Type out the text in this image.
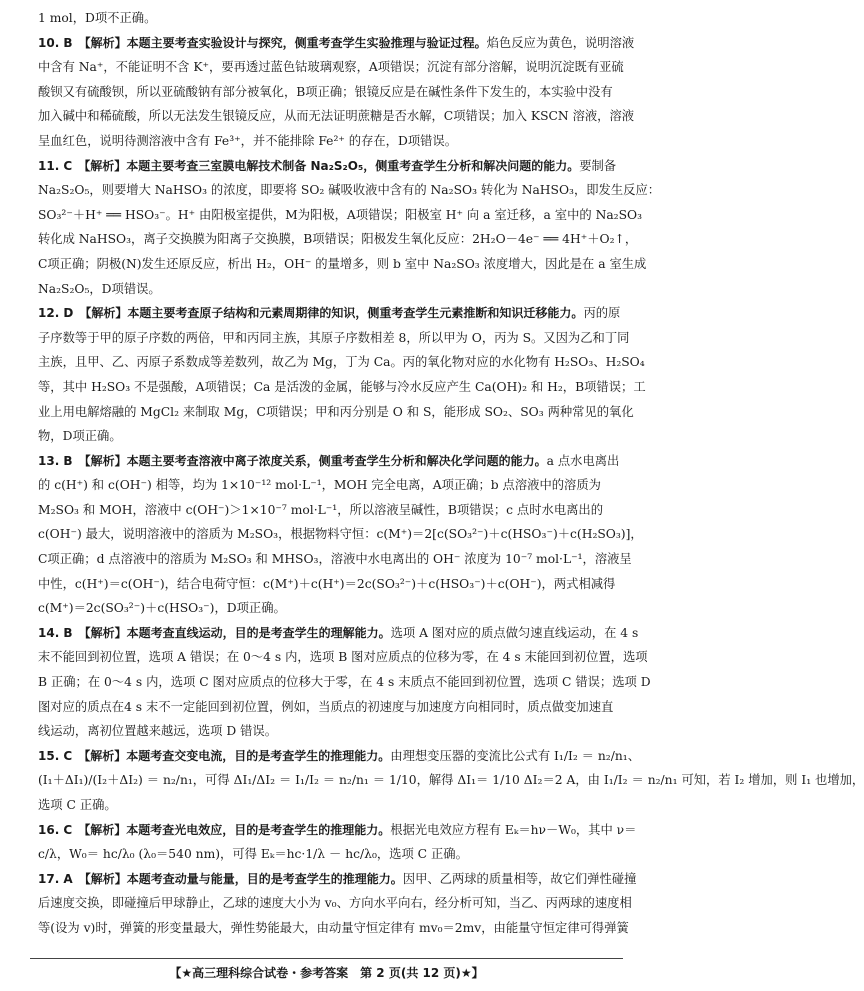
1 mol，D项不正确。
10. B 【解析】本题主要考查实验设计与探究，侧重考查学生实验推理与验证过程。焰色反应为黄色，说明溶液
中含有 Na⁺，不能证明不含 K⁺，要再透过蓝色钴玻璃观察，A项错误；沉淀有部分溶解，说明沉淀既有亚硫
酸钡又有硫酸钡，所以亚硫酸钠有部分被氧化，B项正确；银镜反应是在碱性条件下发生的，本实验中没有
加入碱中和稀硫酸，所以无法发生银镜反应，从而无法证明蔗糖是否水解，C项错误；加入 KSCN 溶液，溶液
呈血红色，说明待测溶液中含有 Fe³⁺，并不能排除 Fe²⁺ 的存在，D项错误。
11. C 【解析】本题主要考查三室膜电解技术制备 Na₂S₂O₅，侧重考查学生分析和解决问题的能力。要制备
Na₂S₂O₅，则要增大 NaHSO₃ 的浓度，即要将 SO₂ 碱吸收液中含有的 Na₂SO₃ 转化为 NaHSO₃，即发生反应：
SO₃²⁻＋H⁺ ══ HSO₃⁻。H⁺ 由阳极室提供，M为阳极，A项错误；阳极室 H⁺ 向 a 室迁移，a 室中的 Na₂SO₃
转化成 NaHSO₃，离子交换膜为阳离子交换膜，B项错误；阳极发生氧化反应：2H₂O－4e⁻ ══ 4H⁺＋O₂↑，
C项正确；阴极(N)发生还原反应，析出 H₂，OH⁻ 的量增多，则 b 室中 Na₂SO₃ 浓度增大，因此是在 a 室生成
Na₂S₂O₅，D项错误。
12. D 【解析】本题主要考查原子结构和元素周期律的知识，侧重考查学生元素推断和知识迁移能力。丙的原
子序数等于甲的原子序数的两倍，甲和丙同主族，其原子序数相差 8，所以甲为 O，丙为 S。又因为乙和丁同
主族，且甲、乙、丙原子系数成等差数列，故乙为 Mg，丁为 Ca。丙的氧化物对应的水化物有 H₂SO₃、H₂SO₄
等，其中 H₂SO₃ 不是强酸，A项错误；Ca 是活泼的金属，能够与冷水反应产生 Ca(OH)₂ 和 H₂，B项错误；工
业上用电解熔融的 MgCl₂ 来制取 Mg，C项错误；甲和丙分别是 O 和 S，能形成 SO₂、SO₃ 两种常见的氧化
物，D项正确。
13. B 【解析】本题主要考查溶液中离子浓度关系，侧重考查学生分析和解决化学问题的能力。a 点水电离出
的 c(H⁺) 和 c(OH⁻) 相等，均为 1×10⁻¹² mol·L⁻¹，MOH 完全电离，A项正确；b 点溶液中的溶质为
M₂SO₃ 和 MOH，溶液中 c(OH⁻)＞1×10⁻⁷ mol·L⁻¹，所以溶液呈碱性，B项错误；c 点时水电离出的
c(OH⁻) 最大，说明溶液中的溶质为 M₂SO₃，根据物料守恒：c(M⁺)＝2[c(SO₃²⁻)＋c(HSO₃⁻)＋c(H₂SO₃)]，
C项正确；d 点溶液中的溶质为 M₂SO₃ 和 MHSO₃，溶液中水电离出的 OH⁻ 浓度为 10⁻⁷ mol·L⁻¹，溶液呈
中性，c(H⁺)＝c(OH⁻)，结合电荷守恒：c(M⁺)＋c(H⁺)＝2c(SO₃²⁻)＋c(HSO₃⁻)＋c(OH⁻)，两式相减得
c(M⁺)＝2c(SO₃²⁻)＋c(HSO₃⁻)，D项正确。
14. B 【解析】本题考查直线运动，目的是考查学生的理解能力。选项 A 图对应的质点做匀速直线运动，在 4 s
末不能回到初位置，选项 A 错误；在 0～4 s 内，选项 B 图对应质点的位移为零，在 4 s 末能回到初位置，选项
B 正确；在 0～4 s 内，选项 C 图对应质点的位移大于零，在 4 s 末质点不能回到初位置，选项 C 错误；选项 D
图对应的质点在4 s 末不一定能回到初位置，例如，当质点的初速度与加速度方向相同时，质点做变加速直
线运动，离初位置越来越远，选项 D 错误。
15. C 【解析】本题考查交变电流，目的是考查学生的推理能力。由理想变压器的变流比公式有 I₁/I₂ ＝ n₂/n₁、
(I₁＋ΔI₁)/(I₂＋ΔI₂) ＝ n₂/n₁，可得 ΔI₁/ΔI₂ ＝ I₁/I₂ ＝ n₂/n₁ ＝ 1/10，解得 ΔI₁＝ 1/10 ΔI₂＝2 A，由 I₁/I₂ ＝ n₂/n₁ 可知，若 I₂ 增加，则 I₁ 也增加，
选项 C 正确。
16. C 【解析】本题考查光电效应，目的是考查学生的推理能力。根据光电效应方程有 Eₖ＝hν－W₀，其中 ν＝
c/λ，W₀＝ hc/λ₀ (λ₀＝540 nm)，可得 Eₖ＝hc·1/λ － hc/λ₀，选项 C 正确。
17. A 【解析】本题考查动量与能量，目的是考查学生的推理能力。因甲、乙两球的质量相等，故它们弹性碰撞
后速度交换，即碰撞后甲球静止，乙球的速度大小为 v₀、方向水平向右，经分析可知，当乙、丙两球的速度相
等(设为 v)时，弹簧的形变量最大，弹性势能最大，由动量守恒定律有 mv₀＝2mv，由能量守恒定律可得弹簧
【★高三理科综合试卷・参考答案　第 2 页(共 12 页)★】
